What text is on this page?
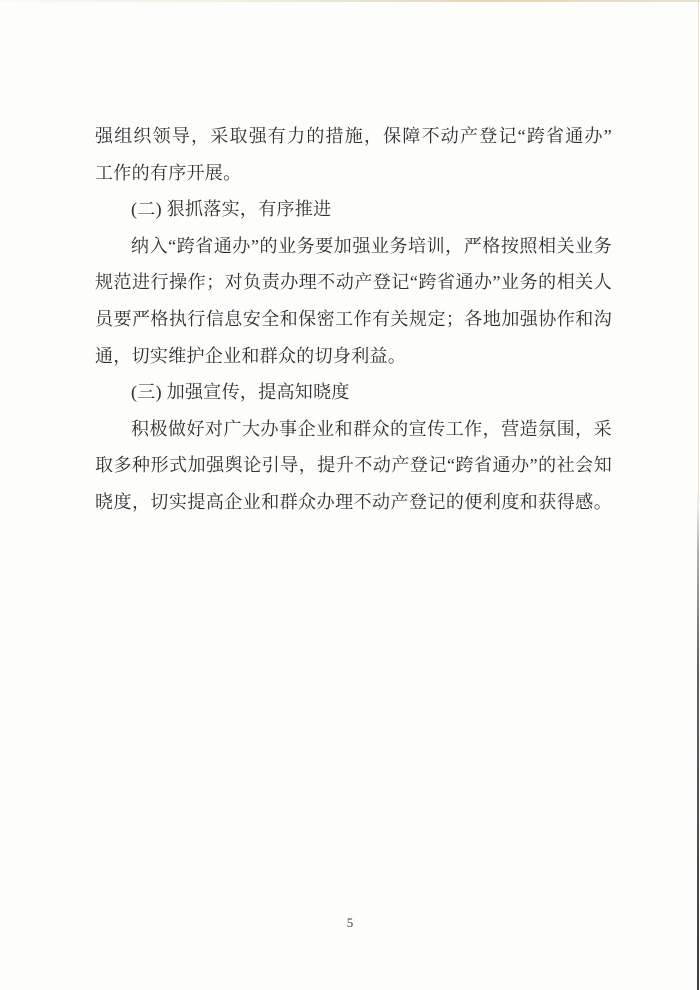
强组织领导，采取强有力的措施，保障不动产登记“跨省通办”
工作的有序开展。
(二) 狠抓落实，有序推进
纳入“跨省通办”的业务要加强业务培训，严格按照相关业务
规范进行操作；对负责办理不动产登记“跨省通办”业务的相关人
员要严格执行信息安全和保密工作有关规定；各地加强协作和沟
通，切实维护企业和群众的切身利益。
(三) 加强宣传，提高知晓度
积极做好对广大办事企业和群众的宣传工作，营造氛围，采
取多种形式加强舆论引导，提升不动产登记“跨省通办”的社会知
晓度，切实提高企业和群众办理不动产登记的便利度和获得感。
5
